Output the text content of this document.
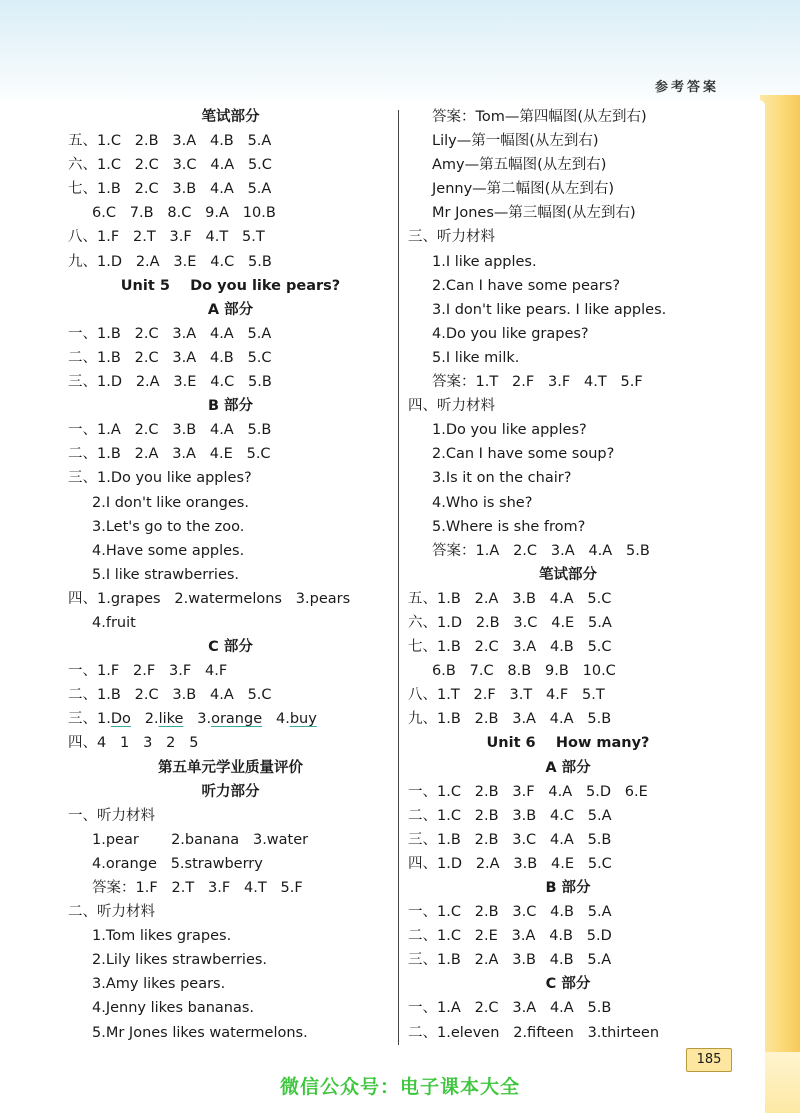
参考答案
笔试部分
五、1.C   2.B   3.A   4.B   5.A
六、1.C   2.C   3.C   4.A   5.C
七、1.B   2.C   3.B   4.A   5.A
6.C   7.B   8.C   9.A   10.B
八、1.F   2.T   3.F   4.T   5.T
九、1.D   2.A   3.E   4.C   5.B
Unit 5    Do you like pears?
A 部分
一、1.B   2.C   3.A   4.A   5.A
二、1.B   2.C   3.A   4.B   5.C
三、1.D   2.A   3.E   4.C   5.B
B 部分
一、1.A   2.C   3.B   4.A   5.B
二、1.B   2.A   3.A   4.E   5.C
三、1.Do you like apples?
2.I don't like oranges.
3.Let's go to the zoo.
4.Have some apples.
5.I like strawberries.
四、1.grapes   2.watermelons   3.pears
4.fruit
C 部分
一、1.F   2.F   3.F   4.F
二、1.B   2.C   3.B   4.A   5.C
三、1.Do 2.like 3.orange 4.buy
四、4   1   3   2   5
第五单元学业质量评价
听力部分
一、听力材料
1.pear       2.banana   3.water
4.orange   5.strawberry
答案：1.F   2.T   3.F   4.T   5.F
二、听力材料
1.Tom likes grapes.
2.Lily likes strawberries.
3.Amy likes pears.
4.Jenny likes bananas.
5.Mr Jones likes watermelons.
答案：Tom—第四幅图(从左到右)
Lily—第一幅图(从左到右)
Amy—第五幅图(从左到右)
Jenny—第二幅图(从左到右)
Mr Jones—第三幅图(从左到右)
三、听力材料
1.I like apples.
2.Can I have some pears?
3.I don't like pears. I like apples.
4.Do you like grapes?
5.I like milk.
答案：1.T   2.F   3.F   4.T   5.F
四、听力材料
1.Do you like apples?
2.Can I have some soup?
3.Is it on the chair?
4.Who is she?
5.Where is she from?
答案：1.A   2.C   3.A   4.A   5.B
笔试部分
五、1.B   2.A   3.B   4.A   5.C
六、1.D   2.B   3.C   4.E   5.A
七、1.B   2.C   3.A   4.B   5.C
6.B   7.C   8.B   9.B   10.C
八、1.T   2.F   3.T   4.F   5.T
九、1.B   2.B   3.A   4.A   5.B
Unit 6    How many?
A 部分
一、1.C   2.B   3.F   4.A   5.D   6.E
二、1.C   2.B   3.B   4.C   5.A
三、1.B   2.B   3.C   4.A   5.B
四、1.D   2.A   3.B   4.E   5.C
B 部分
一、1.C   2.B   3.C   4.B   5.A
二、1.C   2.E   3.A   4.B   5.D
三、1.B   2.A   3.B   4.B   5.A
C 部分
一、1.A   2.C   3.A   4.A   5.B
二、1.eleven   2.fifteen   3.thirteen
185
微信公众号：电子课本大全
